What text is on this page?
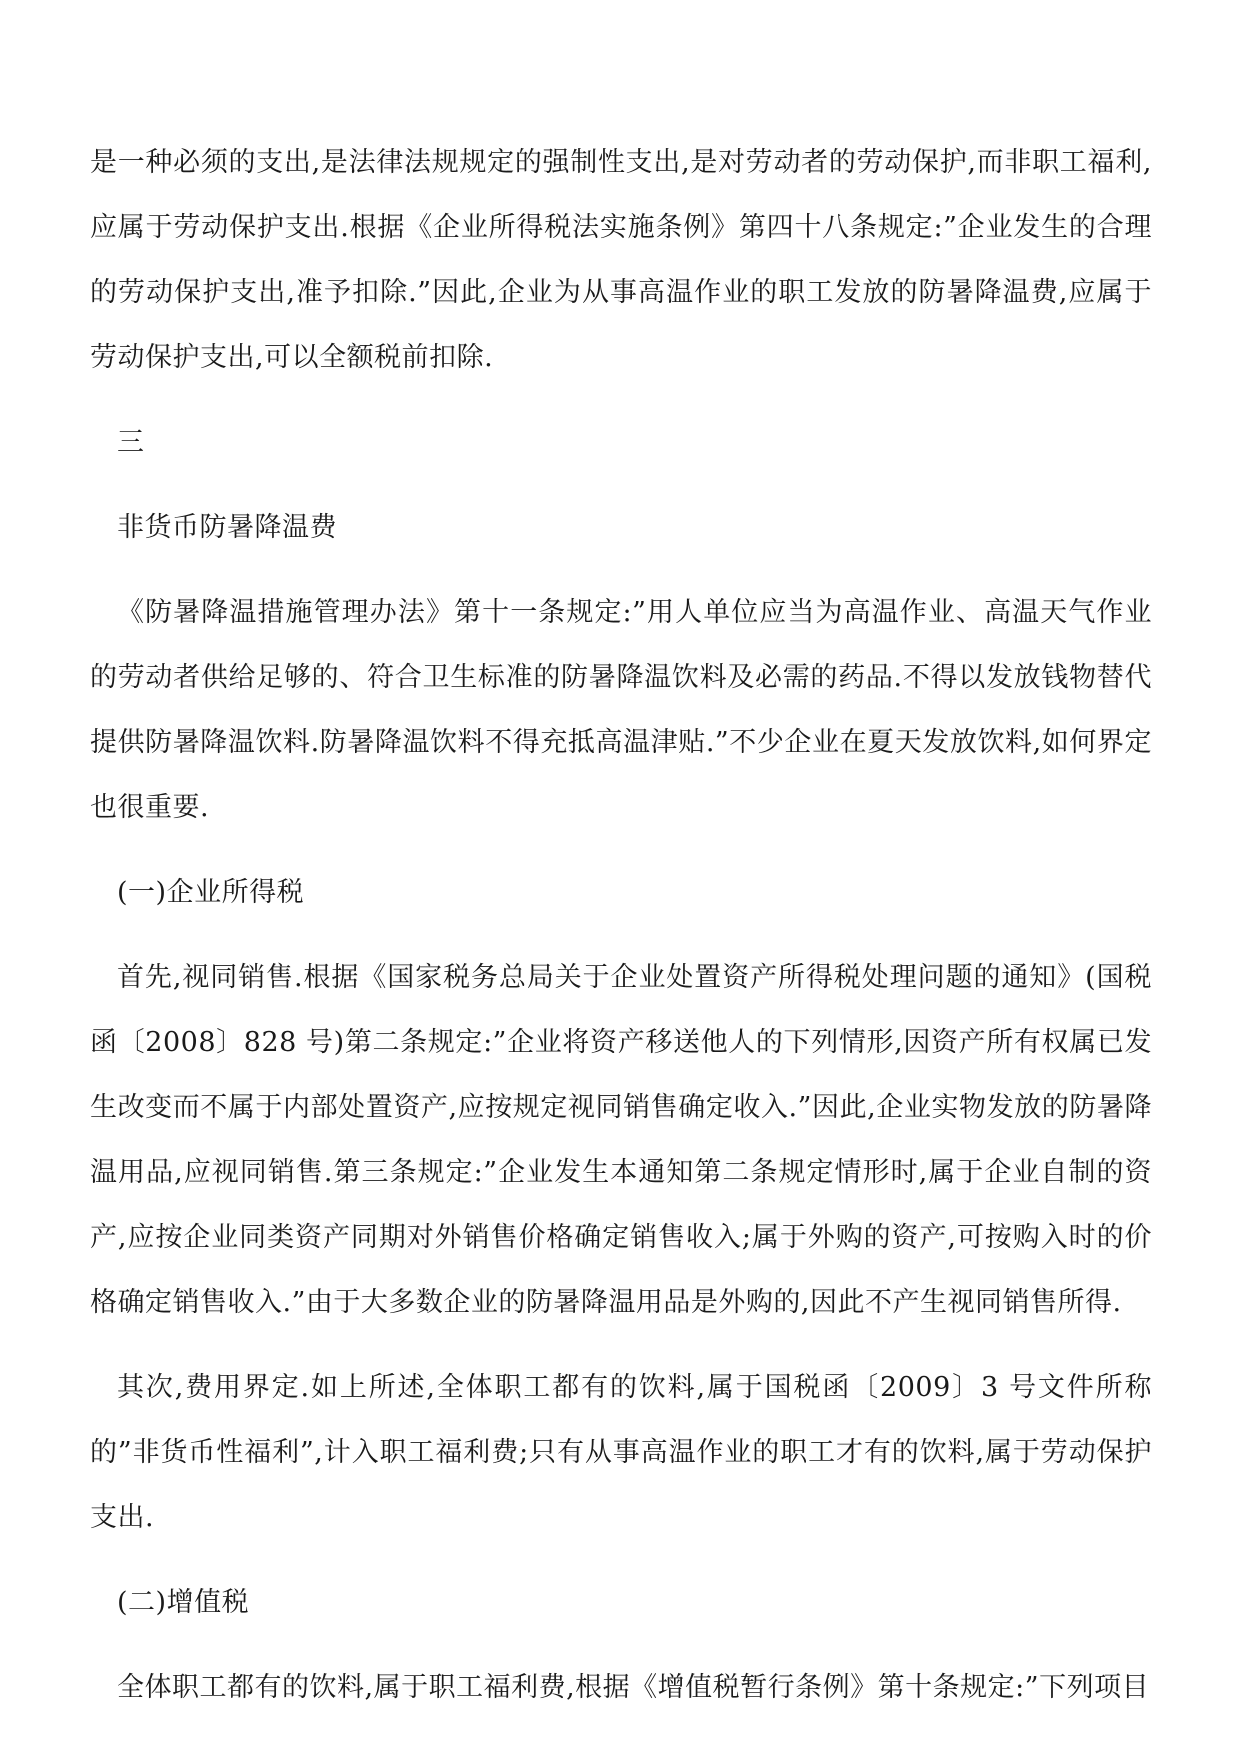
是一种必须的支出,是法律法规规定的强制性支出,是对劳动者的劳动保护,而非职工福利,应属于劳动保护支出.根据《企业所得税法实施条例》第四十八条规定:”企业发生的合理的劳动保护支出,准予扣除.”因此,企业为从事高温作业的职工发放的防暑降温费,应属于劳动保护支出,可以全额税前扣除.

三

非货币防暑降温费

《防暑降温措施管理办法》第十一条规定:”用人单位应当为高温作业、高温天气作业的劳动者供给足够的、符合卫生标准的防暑降温饮料及必需的药品.不得以发放钱物替代提供防暑降温饮料.防暑降温饮料不得充抵高温津贴.”不少企业在夏天发放饮料,如何界定也很重要.

(一)企业所得税

首先,视同销售.根据《国家税务总局关于企业处置资产所得税处理问题的通知》(国税函〔2008〕828 号)第二条规定:”企业将资产移送他人的下列情形,因资产所有权属已发生改变而不属于内部处置资产,应按规定视同销售确定收入.”因此,企业实物发放的防暑降温用品,应视同销售.第三条规定:”企业发生本通知第二条规定情形时,属于企业自制的资产,应按企业同类资产同期对外销售价格确定销售收入;属于外购的资产,可按购入时的价格确定销售收入.”由于大多数企业的防暑降温用品是外购的,因此不产生视同销售所得.

其次,费用界定.如上所述,全体职工都有的饮料,属于国税函〔2009〕3 号文件所称的”非货币性福利”,计入职工福利费;只有从事高温作业的职工才有的饮料,属于劳动保护支出.

(二)增值税

全体职工都有的饮料,属于职工福利费,根据《增值税暂行条例》第十条规定:”下列项目
